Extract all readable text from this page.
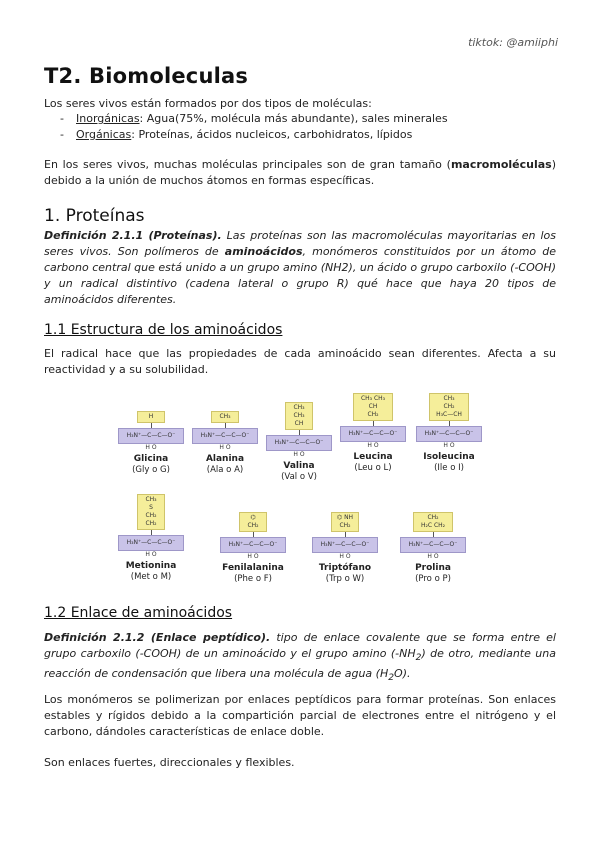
tiktok: @amiiphi
T2. Biomoleculas

Los seres vivos están formados por dos tipos de moléculas:

- Inorgánicas: Agua(75%, molécula más abundante), sales minerales
- Orgánicas: Proteínas, ácidos nucleicos, carbohidratos, lípidos

En los seres vivos, muchas moléculas principales son de gran tamaño (macromoléculas) debido a la unión de muchos átomos en formas específicas.

1. Proteínas

Definición 2.1.1 (Proteínas). Las proteínas son las macromoléculas mayoritarias en los seres vivos. Son polímeros de aminoácidos, monómeros constituidos por un átomo de carbono central que está unido a un grupo amino (NH2), un ácido o grupo carboxilo (-COOH) y un radical distintivo (cadena lateral o grupo R) qué hace que haya 20 tipos de aminoácidos diferentes.

1.1 Estructura de los aminoácidos

El radical hace que las propiedades de cada aminoácido sean diferentes. Afecta a su reactividad y a su solubilidad.

H
H₃N⁺—C—C—O⁻
H O
Glicina
(Gly o G)
CH₃
H₃N⁺—C—C—O⁻
H O
Alanina
(Ala o A)
CH₃ CH₃
CH
H₃N⁺—C—C—O⁻
H O
Valina
(Val o V)
CH₃ CH₃
CH
CH₂
H₃N⁺—C—C—O⁻
H O
Leucina
(Leu o L)
CH₃
CH₂
H₃C—CH
H₃N⁺—C—C—O⁻
H O
Isoleucina
(Ile o I)
CH₃
S
CH₂
CH₂
H₃N⁺—C—C—O⁻
H O
Metionina
(Met o M)
⌬
CH₂
H₃N⁺—C—C—O⁻
H O
Fenilalanina
(Phe o F)
⌬ NH
CH₂
H₃N⁺—C—C—O⁻
H O
Triptófano
(Trp o W)
CH₂
H₂C CH₂
H₃N⁺—C—C—O⁻
H O
Prolina
(Pro o P)
1.2 Enlace de aminoácidos

Definición 2.1.2 (Enlace peptídico). tipo de enlace covalente que se forma entre el grupo carboxilo (-COOH) de un aminoácido y el grupo amino $(-NH_2)$ de otro, mediante una reacción de condensación que libera una molécula de agua $(H_2O)$.

Los monómeros se polimerizan por enlaces peptídicos para formar proteínas. Son enlaces estables y rígidos debido a la compartición parcial de electrones entre el nitrógeno y el carbono, dándoles características de enlace doble.

Son enlaces fuertes, direccionales y flexibles.
